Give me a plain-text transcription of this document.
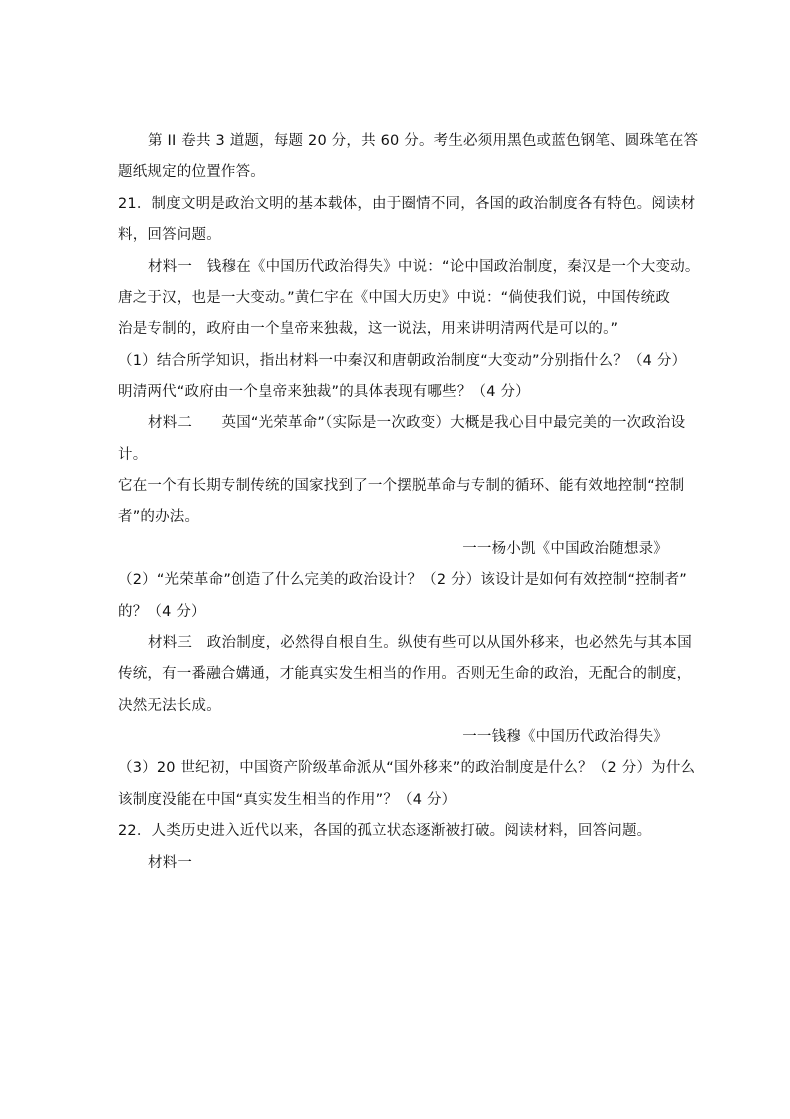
第 II 卷共 3 道题，每题 20 分，共 60 分。考生必须用黑色或蓝色钢笔、圆珠笔在答
题纸规定的位置作答。
21．制度文明是政治文明的基本载体，由于圈情不同，各国的政治制度各有特色。阅读材
料，回答问题。
材料一　钱穆在《中国历代政治得失》中说：“论中国政治制度，秦汉是一个大变动。
唐之于汉，也是一大变动。”黄仁宇在《中国大历史》中说：“倘使我们说，中国传统政
治是专制的，政府由一个皇帝来独裁，这一说法，用来讲明清两代是可以的。”
（1）结合所学知识，指出材料一中秦汉和唐朝政治制度“大变动”分别指什么？（4 分）
明清两代“政府由一个皇帝来独裁”的具体表现有哪些？（4 分）
材料二　　英国“光荣革命”（实际是一次政变）大概是我心目中最完美的一次政治设
计。
它在一个有长期专制传统的国家找到了一个摆脱革命与专制的循环、能有效地控制“控制
者”的办法。
一一杨小凯《中国政治随想录》
（2）“光荣革命”创造了什么完美的政治设计？（2 分）该设计是如何有效控制“控制者”
的？（4 分）
材料三　政治制度，必然得自根自生。纵使有些可以从国外移来，也必然先与其本国
传统，有一番融合媾通，才能真实发生相当的作用。否则无生命的政治，无配合的制度，
决然无法长成。
一一钱穆《中国历代政治得失》
（3）20 世纪初，中国资产阶级革命派从“国外移来”的政治制度是什么？（2 分）为什么
该制度没能在中国“真实发生相当的作用”？（4 分）
22．人类历史进入近代以来，各国的孤立状态逐渐被打破。阅读材料，回答问题。
材料一
